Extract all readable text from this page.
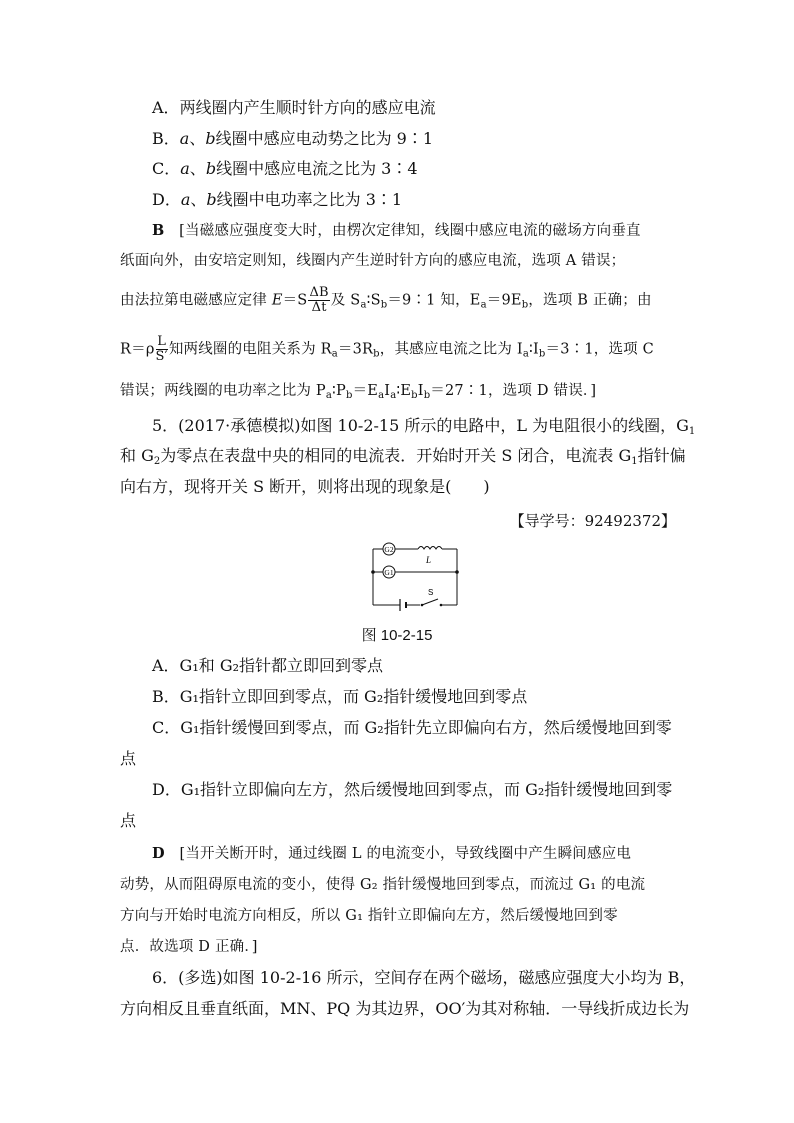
A．两线圈内产生顺时针方向的感应电流
B．a、b线圈中感应电动势之比为 9∶1
C．a、b线圈中感应电流之比为 3∶4
D．a、b线圈中电功率之比为 3∶1
B　 [当磁感应强度变大时，由楞次定律知，线圈中感应电流的磁场方向垂直
纸面向外，由安培定则知，线圈内产生逆时针方向的感应电流，选项 A 错误；
由法拉第电磁感应定律 $E=S \frac{\Delta B}{\Delta t}$ 及 $S_a∶S_b=9∶1$ 知，$E_a=9E_b$，选项 B 正确；由
$R=\rho \frac{L}{S'}$ 知两线圈的电阻关系为 $R_a=3R_b$，其感应电流之比为 $I_a∶I_b=3∶1$，选项 C
错误；两线圈的电功率之比为 $P_a∶P_b=E_aI_a∶E_bI_b=27∶1$，选项 D 错误．]
5．(2017·承德模拟)如图 10-2-15 所示的电路中，L 为电阻很小的线圈，$G_1$
和 $G_2$为零点在表盘中央的相同的电流表．开始时开关 S 闭合，电流表 $G_1$指针偏
向右方，现将开关 S 断开，则将出现的现象是(　　)
【导学号：92492372】
G2
G1
L
S
图 10-2-15
A．G₁和 G₂指针都立即回到零点
B．G₁指针立即回到零点，而 G₂指针缓慢地回到零点
C．G₁指针缓慢回到零点，而 G₂指针先立即偏向右方，然后缓慢地回到零
点
D．G₁指针立即偏向左方，然后缓慢地回到零点，而 G₂指针缓慢地回到零
点
D　 [当开关断开时，通过线圈 L 的电流变小，导致线圈中产生瞬间感应电
动势，从而阻碍原电流的变小，使得 G₂ 指针缓慢地回到零点，而流过 G₁ 的电流
方向与开始时电流方向相反，所以 G₁ 指针立即偏向左方，然后缓慢地回到零
点．故选项 D 正确．]
6．(多选)如图 10-2-16 所示，空间存在两个磁场，磁感应强度大小均为 B，
方向相反且垂直纸面，MN、PQ 为其边界，OO′为其对称轴．一导线折成边长为
